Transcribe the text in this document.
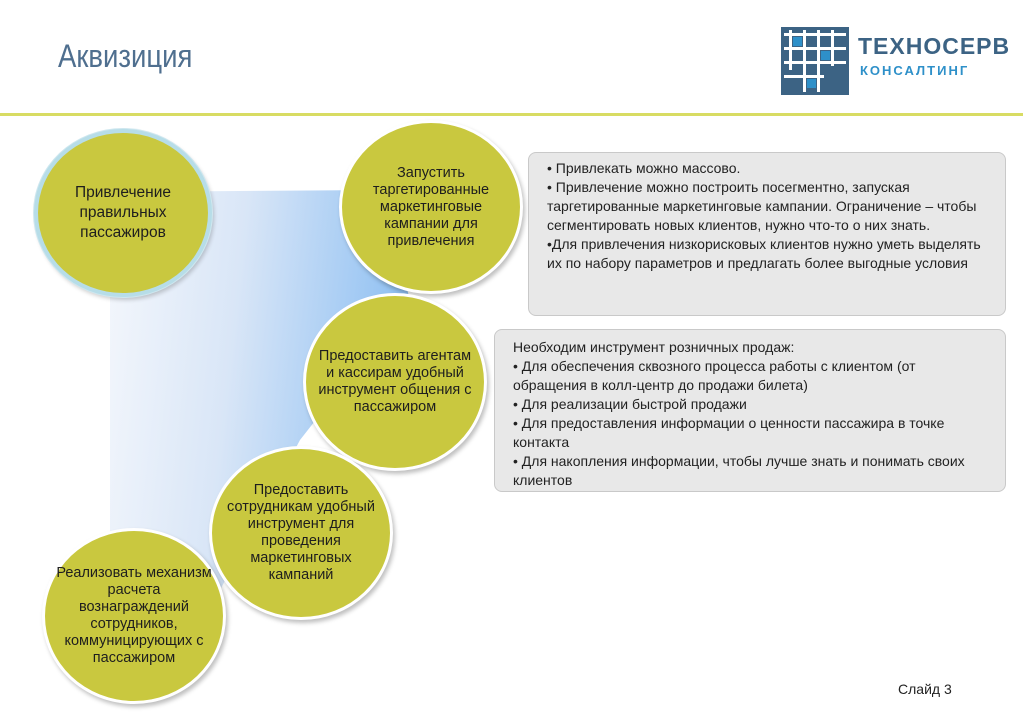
Аквизиция	ТЕХНОСЕРВ
КОНСАЛТИНГ
Привлечение правильных пассажиров
Запустить таргетированные маркетинговые кампании для привлечения
Предоставить агентам и кассирам удобный инструмент общения с пассажиром
Предоставить сотрудникам удобный инструмент для проведения маркетинговых кампаний
Реализовать механизм расчета вознаграждений сотрудников, коммуницирующих с пассажиром

• Привлекать можно массово.

• Привлечение можно построить посегментно, запуская таргетированные маркетинговые кампании. Ограничение – чтобы сегментировать новых клиентов, нужно что-то о них знать.

•Для привлечения низкорисковых клиентов нужно уметь выделять их по набору параметров и предлагать более выгодные условия

Необходим инструмент розничных продаж:

• Для обеспечения сквозного процесса работы с клиентом (от обращения в колл-центр до продажи билета)

• Для реализации быстрой продажи

• Для предоставления информации о ценности пассажира в точке контакта

• Для накопления информации, чтобы лучше знать и понимать своих клиентов

Слайд 3
